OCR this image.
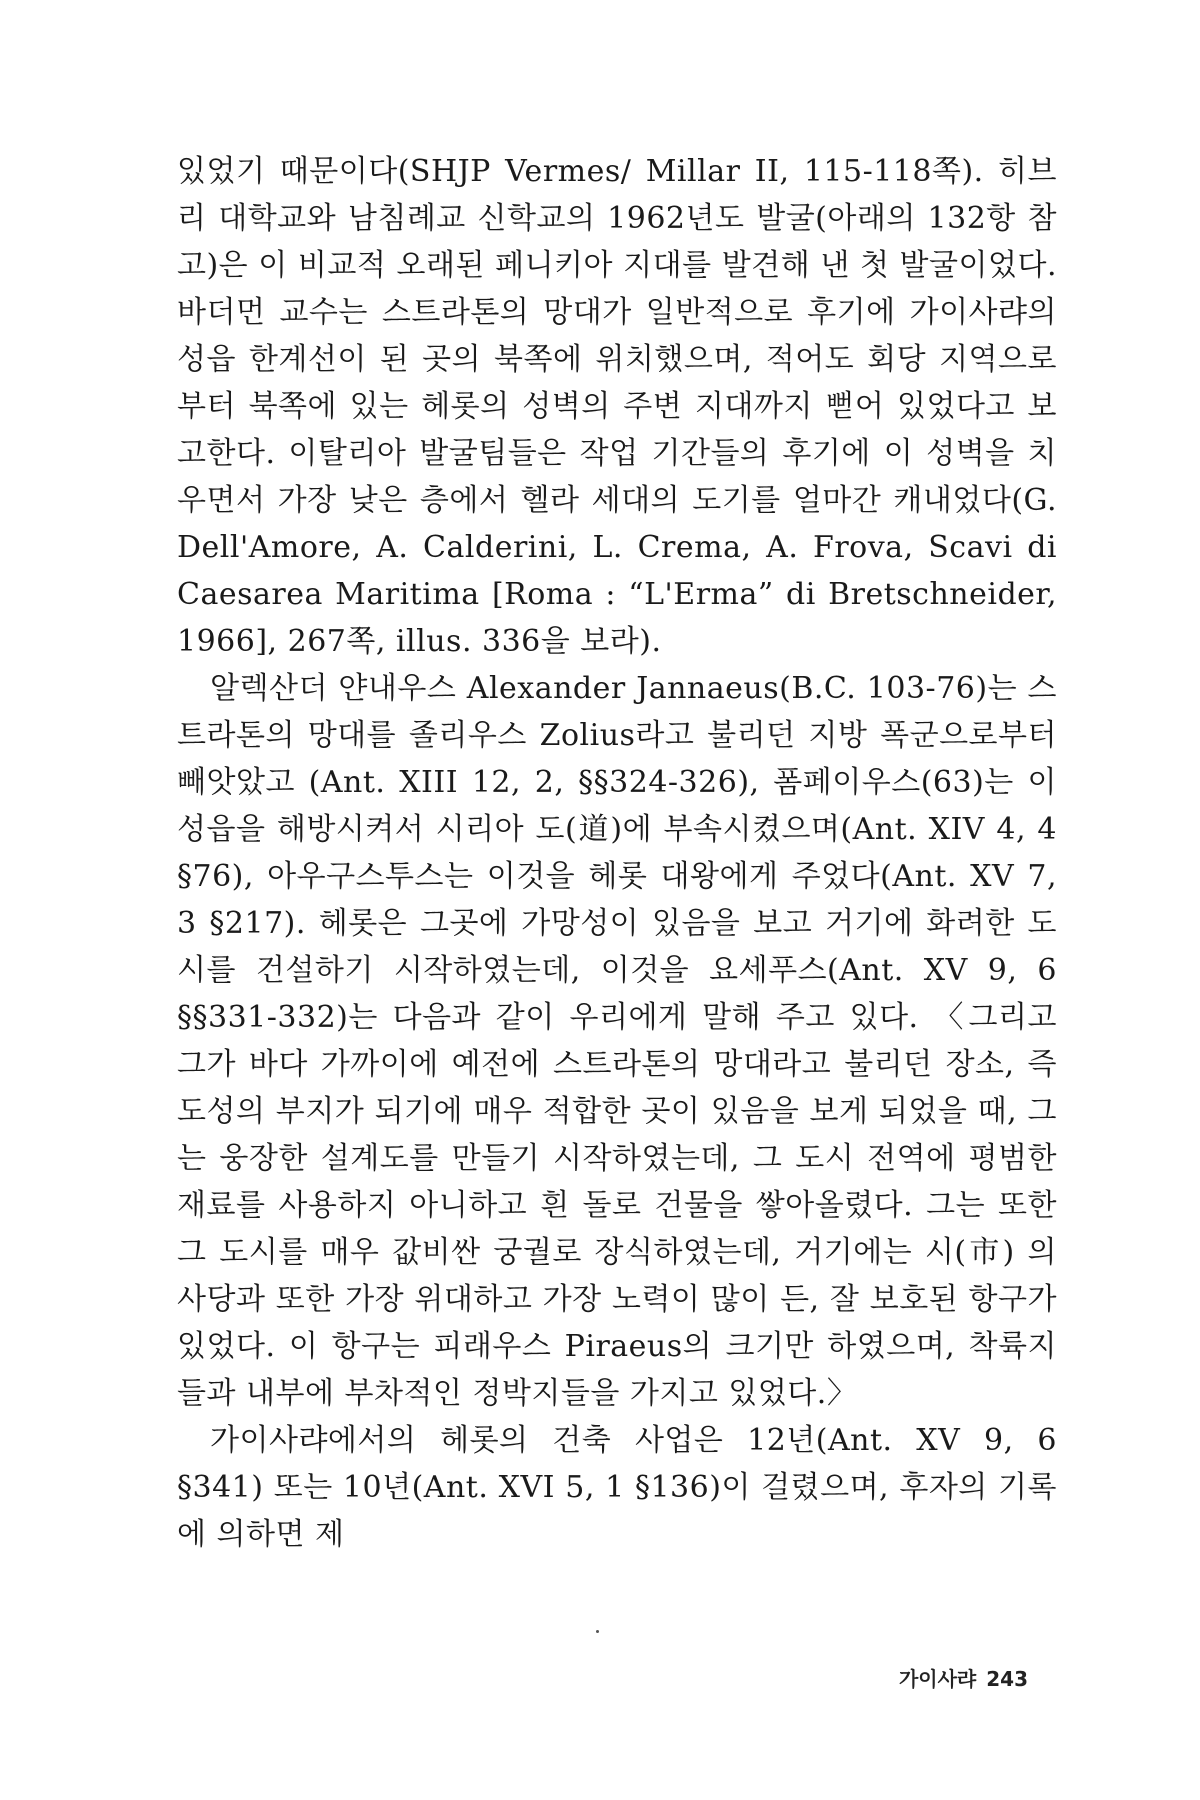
있었기 때문이다(SHJP Vermes/ Millar II, 115-118쪽). 히브리 대학교와 남침례교 신학교의 1962년도 발굴(아래의 132항 참고)은 이 비교적 오래된 페니키아 지대를 발견해 낸 첫 발굴이었다. 바더먼 교수는 스트라톤의 망대가 일반적으로 후기에 가이사랴의 성읍 한계선이 된 곳의 북쪽에 위치했으며, 적어도 회당 지역으로부터 북쪽에 있는 헤롯의 성벽의 주변 지대까지 뻗어 있었다고 보고한다. 이탈리아 발굴팀들은 작업 기간들의 후기에 이 성벽을 치우면서 가장 낮은 층에서 헬라 세대의 도기를 얼마간 캐내었다(G. Dell'Amore, A. Calderini, L. Crema, A. Frova, Scavi di Caesarea Maritima [Roma : “L'Erma” di Bretschneider, 1966], 267쪽, illus. 336을 보라).

알렉산더 얀내우스 Alexander Jannaeus(B.C. 103-76)는 스트라톤의 망대를 졸리우스 Zolius라고 불리던 지방 폭군으로부터 빼앗았고 (Ant. XIII 12, 2, §§324-326), 폼페이우스(63)는 이 성읍을 해방시켜서 시리아 도(道)에 부속시켰으며(Ant. XIV 4, 4 §76), 아우구스투스는 이것을 헤롯 대왕에게 주었다(Ant. XV 7, 3 §217). 헤롯은 그곳에 가망성이 있음을 보고 거기에 화려한 도시를 건설하기 시작하였는데, 이것을 요세푸스(Ant. XV 9, 6 §§331-332)는 다음과 같이 우리에게 말해 주고 있다. 〈그리고 그가 바다 가까이에 예전에 스트라톤의 망대라고 불리던 장소, 즉 도성의 부지가 되기에 매우 적합한 곳이 있음을 보게 되었을 때, 그는 웅장한 설계도를 만들기 시작하였는데, 그 도시 전역에 평범한 재료를 사용하지 아니하고 흰 돌로 건물을 쌓아올렸다. 그는 또한 그 도시를 매우 값비싼 궁궐로 장식하였는데, 거기에는 시(市) 의사당과 또한 가장 위대하고 가장 노력이 많이 든, 잘 보호된 항구가 있었다. 이 항구는 피래우스 Piraeus의 크기만 하였으며, 착륙지들과 내부에 부차적인 정박지들을 가지고 있었다.〉

가이사랴에서의 헤롯의 건축 사업은 12년(Ant. XV 9, 6 §341) 또는 10년(Ant. XVI 5, 1 §136)이 걸렸으며, 후자의 기록에 의하면 제

가이사랴 243
